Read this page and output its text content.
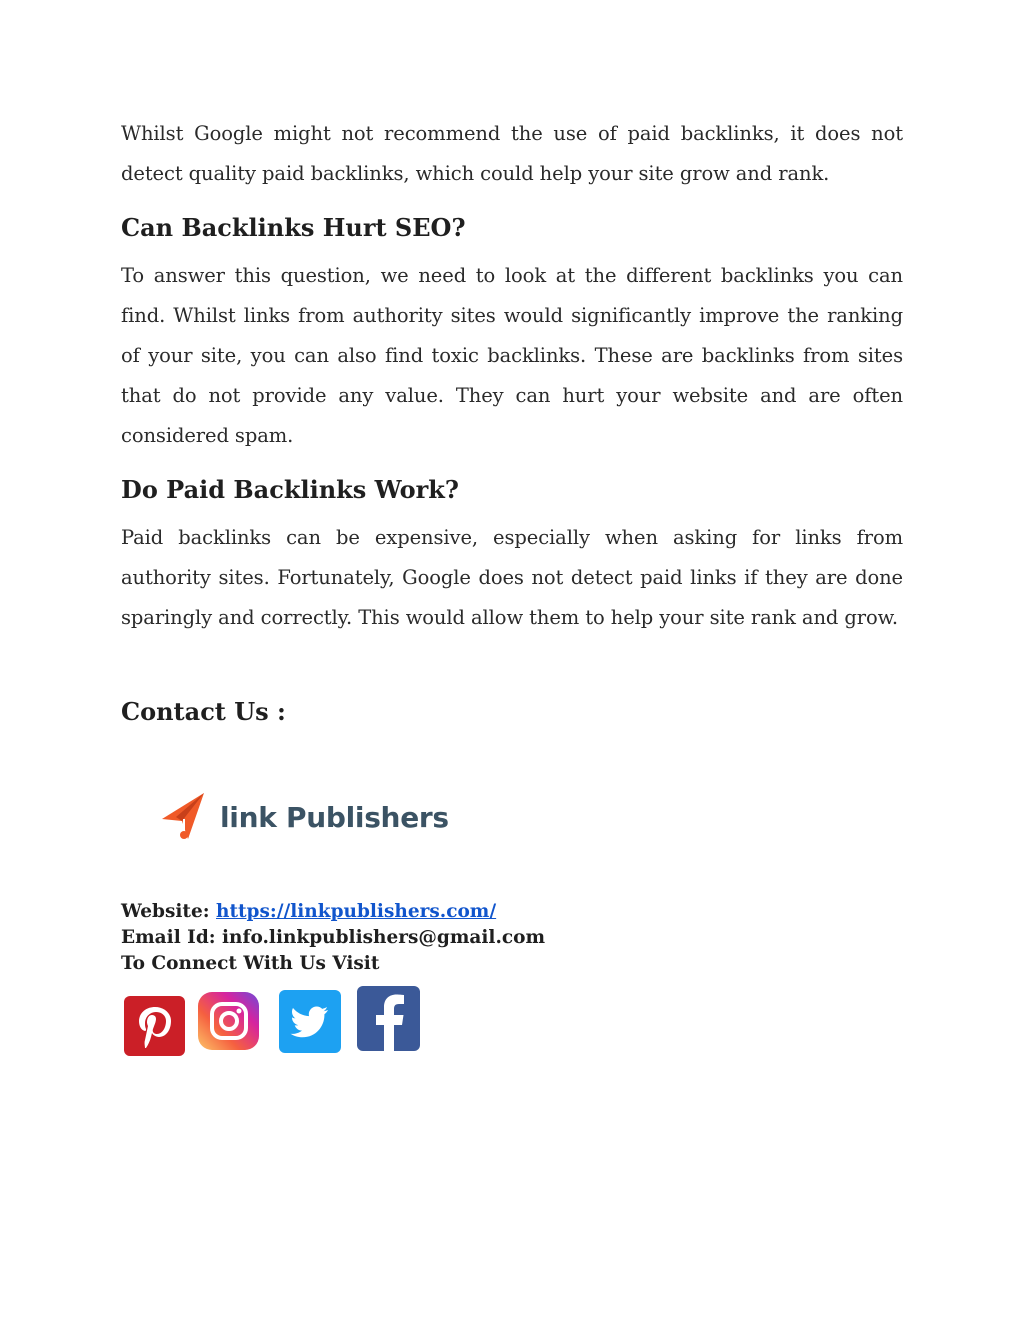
Whilst Google might not recommend the use of paid backlinks, it does not detect quality paid backlinks, which could help your site grow and rank.

Can Backlinks Hurt SEO?

To answer this question, we need to look at the different backlinks you can find. Whilst links from authority sites would significantly improve the ranking of your site, you can also find toxic backlinks. These are backlinks from sites that do not provide any value. They can hurt your website and are often considered spam.

Do Paid Backlinks Work?

Paid backlinks can be expensive, especially when asking for links from authority sites. Fortunately, Google does not detect paid links if they are done sparingly and correctly. This would allow them to help your site rank and grow.

Contact Us :
link Publishers

Website: https://linkpublishers.com/

Email Id: info.linkpublishers@gmail.com

To Connect With Us Visit
